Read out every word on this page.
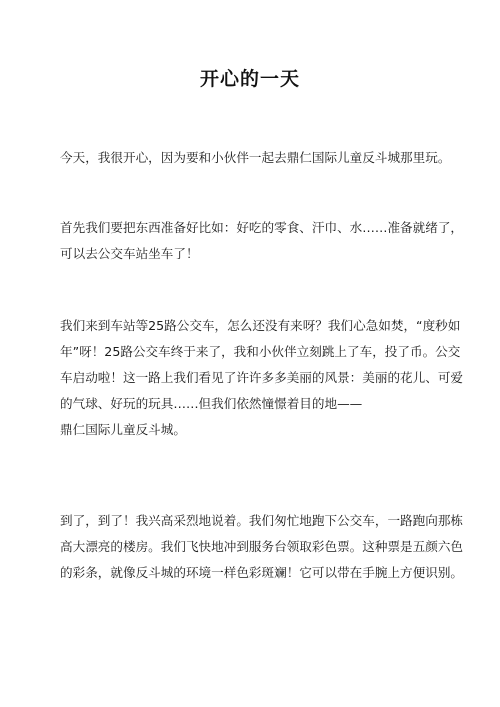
开心的一天
今天，我很开心，因为要和小伙伴一起去鼎仁国际儿童反斗城那里玩。
首先我们要把东西准备好比如：好吃的零食、汗巾、水……准备就绪了，
可以去公交车站坐车了！
我们来到车站等25路公交车，怎么还没有来呀？我们心急如焚，“度秒如
年”呀！25路公交车终于来了，我和小伙伴立刻跳上了车，投了币。公交
车启动啦！这一路上我们看见了许许多多美丽的风景：美丽的花儿、可爱
的气球、好玩的玩具……但我们依然憧憬着目的地——
鼎仁国际儿童反斗城。
到了，到了！我兴高采烈地说着。我们匆忙地跑下公交车，一路跑向那栋
高大漂亮的楼房。我们飞快地冲到服务台领取彩色票。这种票是五颜六色
的彩条，就像反斗城的环境一样色彩斑斓！它可以带在手腕上方便识别。
